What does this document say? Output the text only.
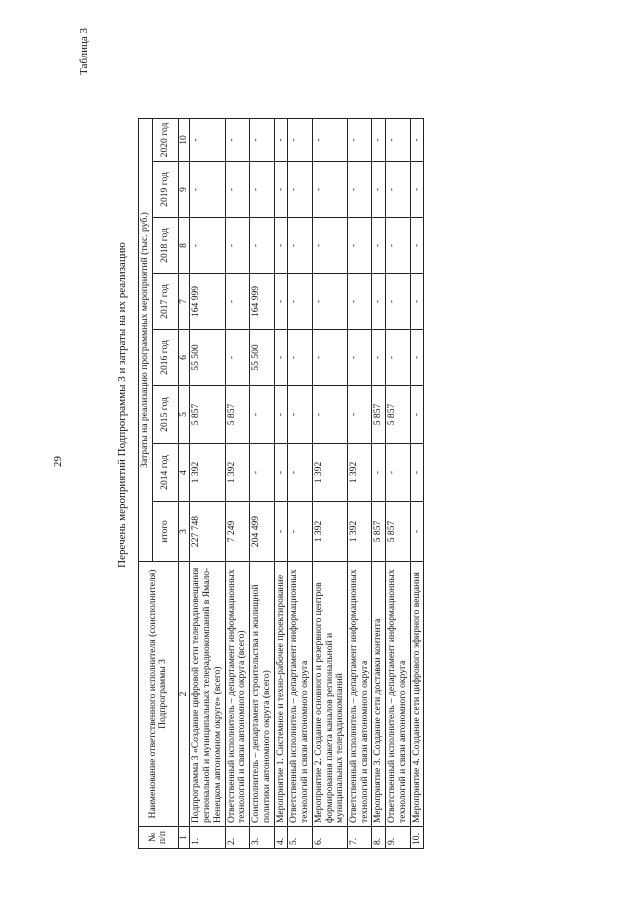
29
Таблица 3
Перечень мероприятий Подпрограммы 3 и затраты на их реализацию
№ п/п	Наименование ответственного исполнителя (соисполнителя) Подпрограммы 3	Затраты на реализацию программных мероприятий (тыс. руб.)							
		итого	2014 год	2015 год	2016 год	2017 год	2018 год	2019 год	2020 год
1	2	3	4	5	6	7	8	9	10
1.	Подпрограмма 3 «Создание цифровой сети телерадиовещания региональной и муниципальных телерадиокомпаний в Ямало-Ненецком автономном округе» (всего)	227 748	1 392	5 857	55 500	164 999	-	-	-
2.	Ответственный исполнитель – департамент информационных технологий и связи автономного округа (всего)	7 249	1 392	5 857	-	-	-	-	-
3.	Соисполнитель – департамент строительства и жилищной политики автономного округа (всего)	204 499	-	-	55 500	164 999	-	-	-
4.	Мероприятие 1. Системное и техно-рабочее проектирование	-	-	-	-	-	-	-	-
5.	Ответственный исполнитель – департамент информационных технологий и связи автономного округа	-	-	-	-	-	-	-	-
6.	Мероприятие 2. Создание основного и резервного центров формирования пакета каналов региональной и муниципальных телерадиокомпаний	1 392	1 392	-	-	-	-	-	-
7.	Ответственный исполнитель – департамент информационных технологий и связи автономного округа	1 392	1 392	-	-	-	-	-	-
8.	Мероприятие 3. Создание сети доставки контента	5 857	-	5 857	-	-	-	-	-
9.	Ответственный исполнитель – департамент информационных технологий и связи автономного округа	5 857	-	5 857	-	-	-	-	-
10.	Мероприятие 4. Создание сети цифрового эфирного вещания	-	-	-	-	-	-	-	-
